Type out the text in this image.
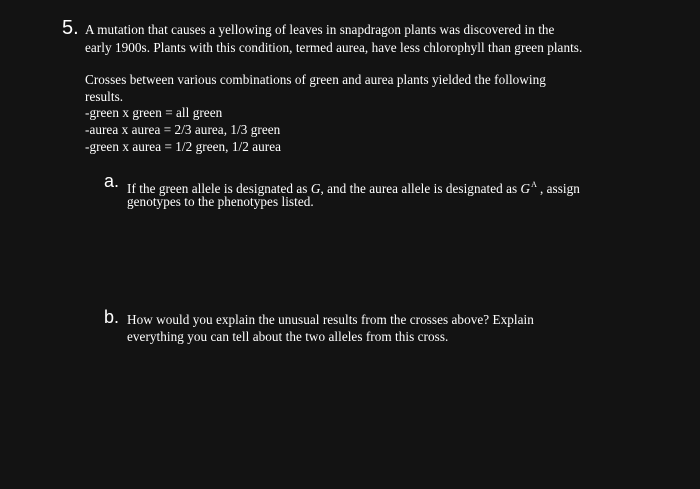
5. A mutation that causes a yellowing of leaves in snapdragon plants was discovered in the
early 1900s. Plants with this condition, termed aurea, have less chlorophyll than green plants.
Crosses between various combinations of green and aurea plants yielded the following
results.
-green x green = all green
-aurea x aurea = 2/3 aurea, 1/3 green
-green x aurea = 1/2 green, 1/2 aurea
a. If the green allele is designated as G, and the aurea allele is designated as $G^A$ , assign
genotypes to the phenotypes listed.
b. How would you explain the unusual results from the crosses above? Explain
everything you can tell about the two alleles from this cross.
